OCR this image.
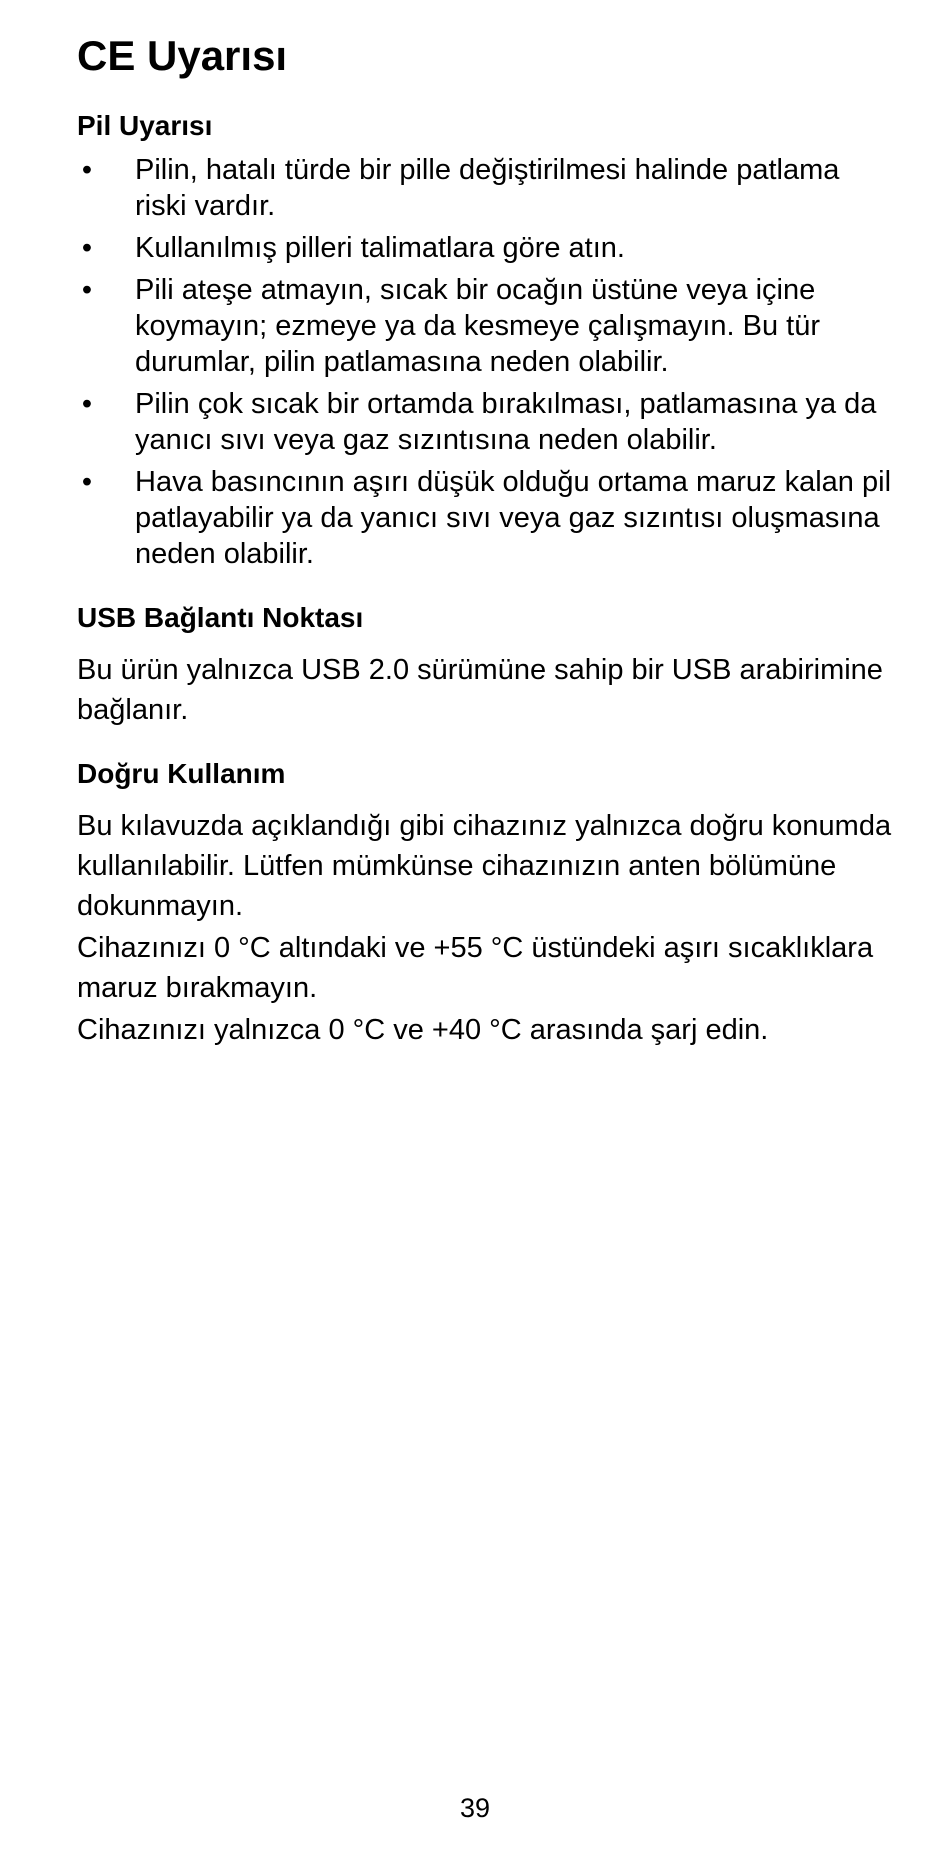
CE Uyarısı
Pil Uyarısı
• Pilin, hatalı türde bir pille değiştirilmesi halinde patlama riski vardır.
• Kullanılmış pilleri talimatlara göre atın.
• Pili ateşe atmayın, sıcak bir ocağın üstüne veya içine koymayın; ezmeye ya da kesmeye çalışmayın. Bu tür durumlar, pilin patlamasına neden olabilir.
• Pilin çok sıcak bir ortamda bırakılması, patlamasına ya da yanıcı sıvı veya gaz sızıntısına neden olabilir.
• Hava basıncının aşırı düşük olduğu ortama maruz kalan pil patlayabilir ya da yanıcı sıvı veya gaz sızıntısı oluşmasına neden olabilir.
USB Bağlantı Noktası

Bu ürün yalnızca USB 2.0 sürümüne sahip bir USB arabirimine bağlanır.

Doğru Kullanım

Bu kılavuzda açıklandığı gibi cihazınız yalnızca doğru konumda kullanılabilir. Lütfen mümkünse cihazınızın anten bölümüne dokunmayın.

Cihazınızı 0 °C altındaki ve +55 °C üstündeki aşırı sıcaklıklara maruz bırakmayın.

Cihazınızı yalnızca 0 °C ve +40 °C arasında şarj edin.

39
